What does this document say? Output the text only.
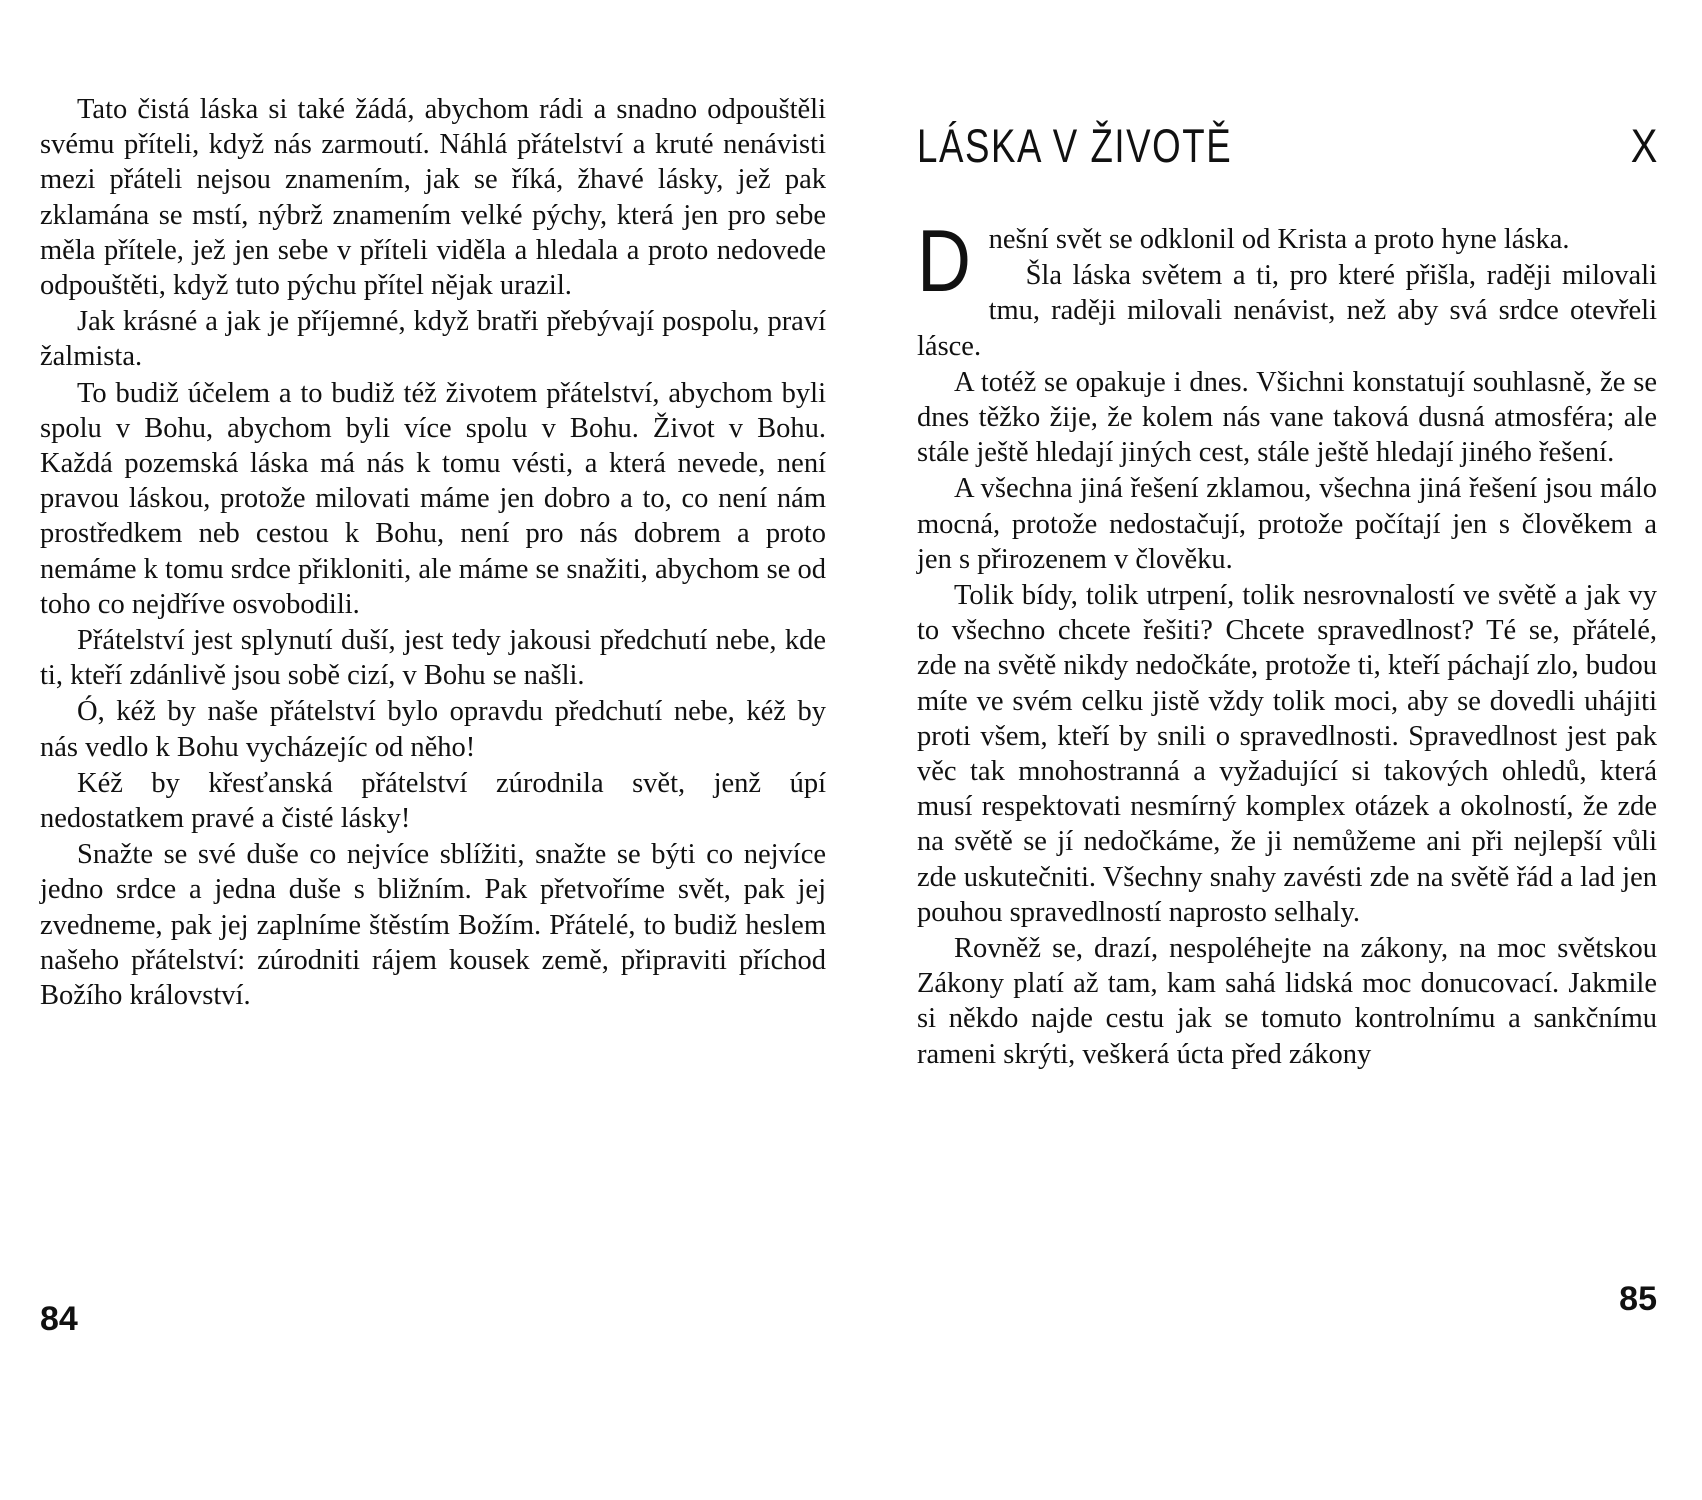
Tato čistá láska si také žádá, abychom rádi a snadno odpouštěli svému příteli, když nás zarmoutí. Náhlá přátelství a kruté nenávisti mezi přáteli nejsou znamením, jak se říká, žhavé lásky, jež pak zklamána se mstí, nýbrž znamením velké pýchy, která jen pro sebe měla přítele, jež jen sebe v příteli viděla a hledala a proto nedovede odpouštěti, když tuto pýchu přítel nějak urazil.

Jak krásné a jak je příjemné, když bratři přebývají pospolu, praví žalmista.

To budiž účelem a to budiž též životem přátelství, abychom byli spolu v Bohu, abychom byli více spolu v Bohu. Život v Bohu. Každá pozemská láska má nás k tomu vésti, a která nevede, není pravou láskou, protože milovati máme jen dobro a to, co není nám prostředkem neb cestou k Bohu, není pro nás dobrem a proto nemáme k tomu srdce přikloniti, ale máme se snažiti, abychom se od toho co nejdříve osvobodili.

Přátelství jest splynutí duší, jest tedy jakousi předchutí nebe, kde ti, kteří zdánlivě jsou sobě cizí, v Bohu se našli.

Ó, kéž by naše přátelství bylo opravdu předchutí nebe, kéž by nás vedlo k Bohu vycházejíc od něho!

Kéž by křesťanská přátelství zúrodnila svět, jenž úpí nedostatkem pravé a čisté lásky!

Snažte se své duše co nejvíce sblížiti, snažte se býti co nejvíce jedno srdce a jedna duše s bližním. Pak přetvoříme svět, pak jej zvedneme, pak jej zaplníme štěstím Božím. Přátelé, to budiž heslem našeho přátelství: zúrodniti rájem kousek země, připraviti příchod Božího království.

84
LÁSKA V ŽIVOTĚ	X

Dnešní svět se odklonil od Krista a proto hyne láska.

Šla láska světem a ti, pro které přišla, raději milovali tmu, raději milovali nenávist, než aby svá srdce otevřeli lásce.

A totéž se opakuje i dnes. Všichni konstatují souhlasně, že se dnes těžko žije, že kolem nás vane taková dusná atmosféra; ale stále ještě hledají jiných cest, stále ještě hledají jiného řešení.

A všechna jiná řešení zklamou, všechna jiná řešení jsou málo mocná, protože nedostačují, protože počítají jen s člověkem a jen s přirozenem v člověku.

Tolik bídy, tolik utrpení, tolik nesrovnalostí ve světě a jak vy to všechno chcete řešiti? Chcete spravedlnost? Té se, přátelé, zde na světě nikdy nedočkáte, protože ti, kteří páchají zlo, budou míte ve svém celku jistě vždy tolik moci, aby se dovedli uhájiti proti všem, kteří by snili o spravedlnosti. Spravedlnost jest pak věc tak mnohostranná a vyžadující si takových ohledů, která musí respektovati nesmírný komplex otázek a okolností, že zde na světě se jí nedočkáme, že ji nemůžeme ani při nejlepší vůli zde uskutečniti. Všechny snahy zavésti zde na světě řád a lad jen pouhou spravedlností naprosto selhaly.

Rovněž se, drazí, nespoléhejte na zákony, na moc světskou Zákony platí až tam, kam sahá lidská moc donucovací. Jakmile si někdo najde cestu jak se tomuto kontrolnímu a sankčnímu rameni skrýti, veškerá úcta před zákony

85
